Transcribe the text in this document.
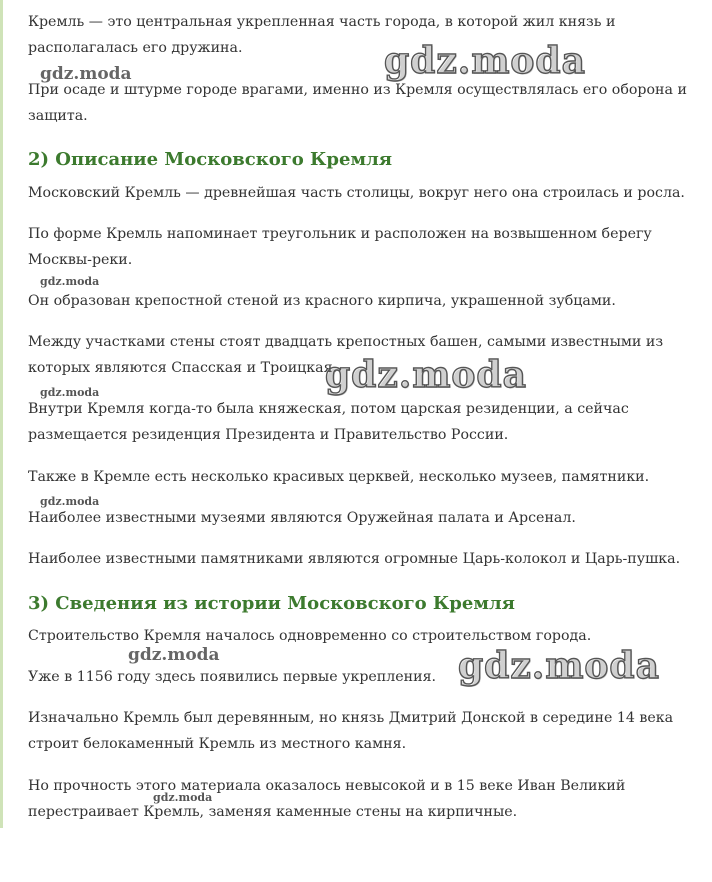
Кремль — это центральная укрепленная часть города, в которой жил князь и располагалась его дружина.

При осаде и штурме городе врагами, именно из Кремля осуществлялась его оборона и защита.

2) Описание Московского Кремля

Московский Кремль — древнейшая часть столицы, вокруг него она строилась и росла.

По форме Кремль напоминает треугольник и расположен на возвышенном берегу Москвы-реки.

Он образован крепостной стеной из красного кирпича, украшенной зубцами.

Между участками стены стоят двадцать крепостных башен, самыми известными из которых являются Спасская и Троицкая.

Внутри Кремля когда-то была княжеская, потом царская резиденции, а сейчас размещается резиденция Президента и Правительство России.

Также в Кремле есть несколько красивых церквей, несколько музеев, памятники.

Наиболее известными музеями являются Оружейная палата и Арсенал.

Наиболее известными памятниками являются огромные Царь-колокол и Царь-пушка.

3) Сведения из истории Московского Кремля

Строительство Кремля началось одновременно со строительством города.

Уже в 1156 году здесь появились первые укрепления.

Изначально Кремль был деревянным, но князь Дмитрий Донской в середине 14 века строит белокаменный Кремль из местного камня.

Но прочность этого материала оказалось невысокой и в 15 веке Иван Великий перестраивает Кремль, заменяя каменные стены на кирпичные.

gdz.moda
gdz.moda
gdz.moda
gdz.moda
gdz.moda
gdz.moda
gdz.moda	gdz.moda
gdz.moda
